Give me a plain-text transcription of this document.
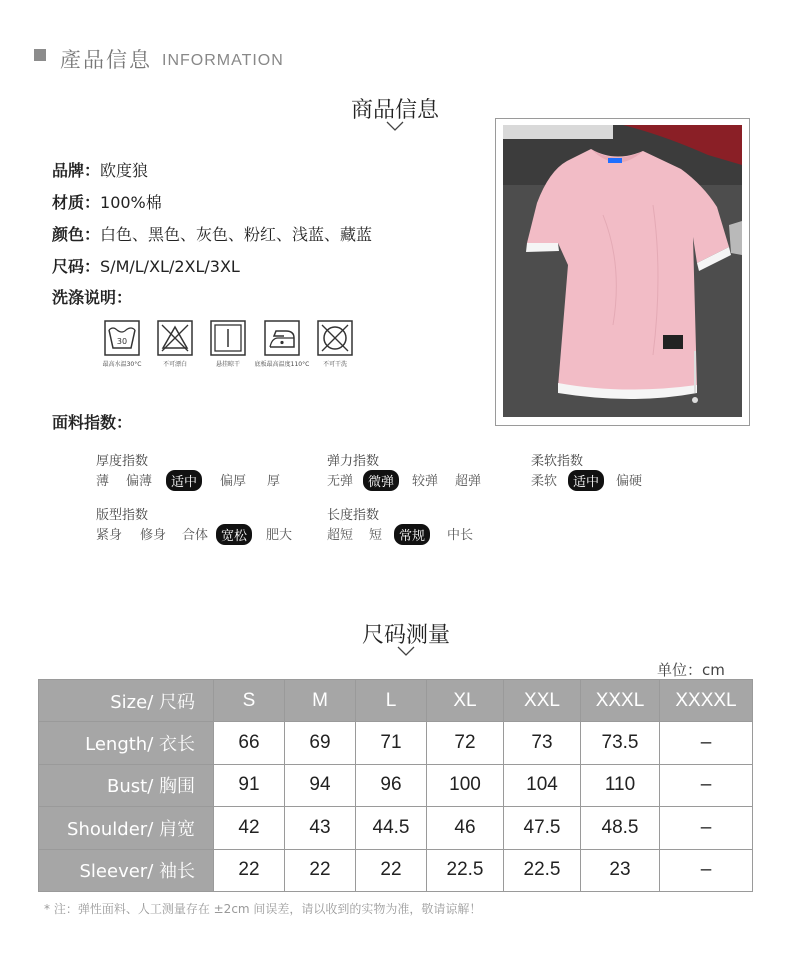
產品信息 INFORMATION
商品信息
品牌：欧度狼
材质：100%棉
颜色：白色、黑色、灰色、粉红、浅蓝、藏蓝
尺码：S/M/L/XL/2XL/3XL
洗涤说明：
30
最高水温30°C	不可漂白	悬挂晾干 底板最高温度110°C 不可干洗
面料指数：
厚度指数
薄 偏薄	适中	偏厚 厚
弹力指数
无弹	微弹	较弹 超弹
柔软指数
柔软	适中	偏硬
版型指数
紧身 修身 合体 宽松	肥大
长度指数
超短 短	常规	中长
尺码测量
单位：cm
Size/ 尺码	S	M	L	XL	XXL	XXXL	XXXXL
Length/ 衣长	66	69	71	72	73	73.5	–
Bust/ 胸围	91	94	96	100	104	110	–
Shoulder/ 肩宽	42	43	44.5	46	47.5	48.5	–
Sleever/ 袖长	22	22	22	22.5	22.5	23	–
* 注：弹性面料、人工测量存在 ±2cm 间误差，请以收到的实物为准，敬请谅解！
